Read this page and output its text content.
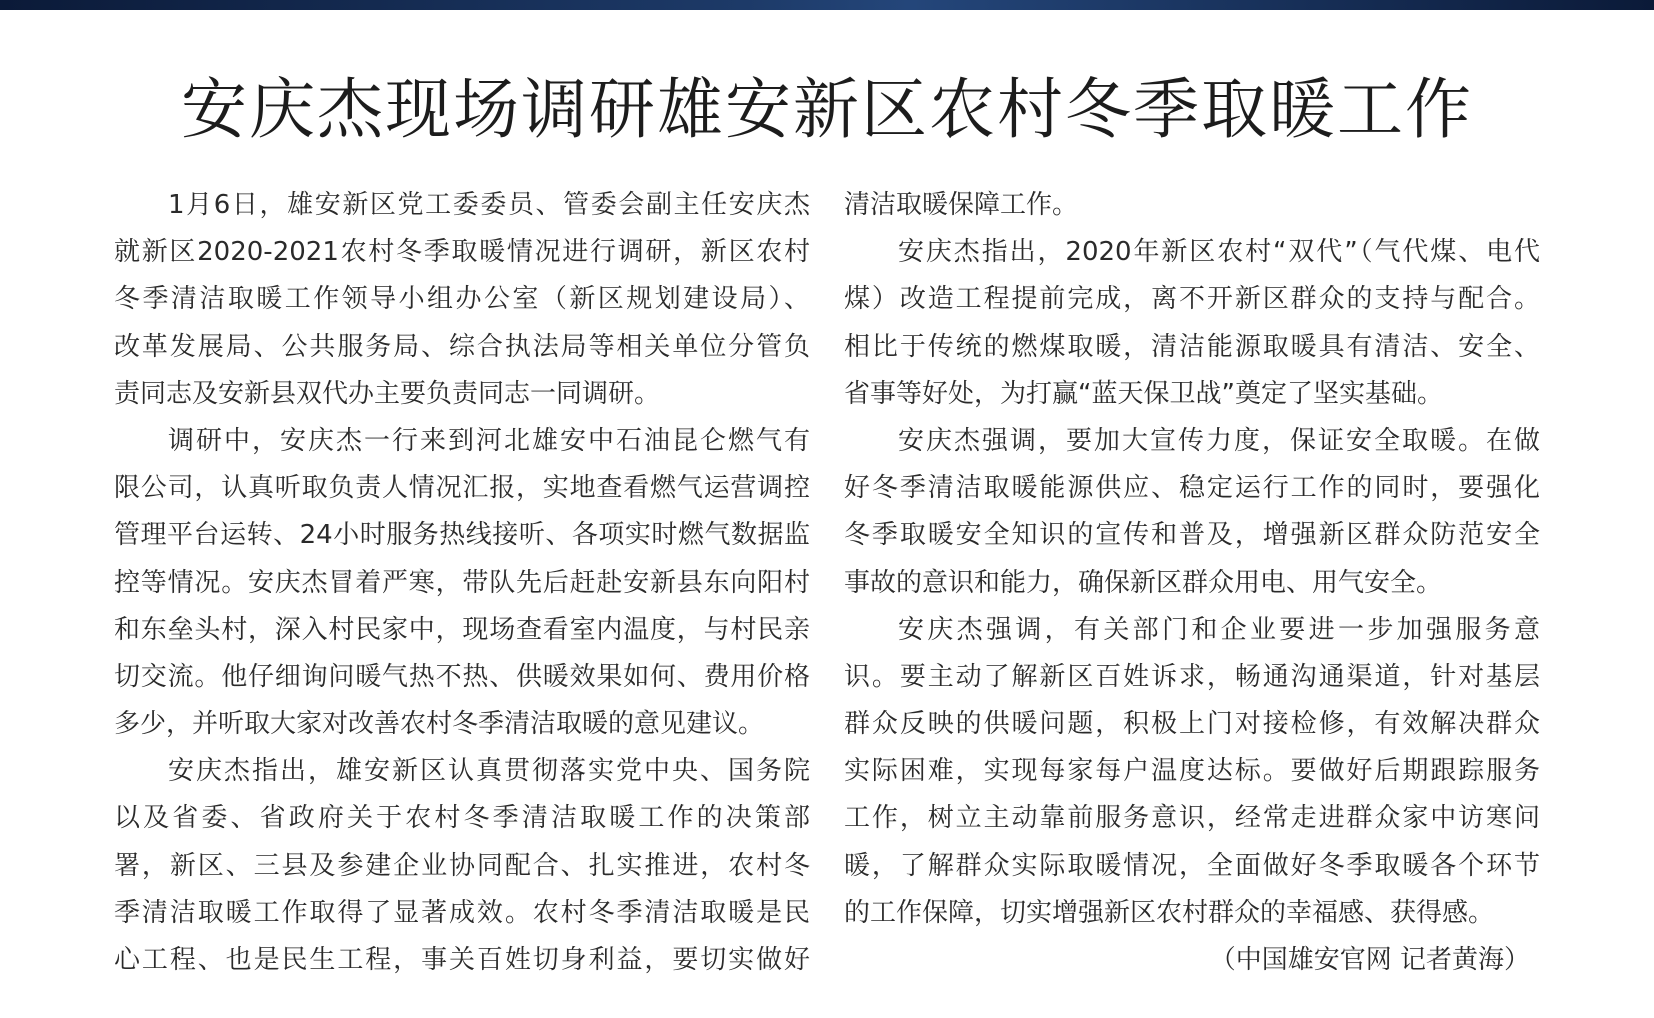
安庆杰现场调研雄安新区农村冬季取暖工作
1月6日，雄安新区党工委委员、管委会副主任安庆杰
就新区2020-2021农村冬季取暖情况进行调研，新区农村
冬季清洁取暖工作领导小组办公室（新区规划建设局）、
改革发展局、公共服务局、综合执法局等相关单位分管负
责同志及安新县双代办主要负责同志一同调研。
调研中，安庆杰一行来到河北雄安中石油昆仑燃气有
限公司，认真听取负责人情况汇报，实地查看燃气运营调控
管理平台运转、24小时服务热线接听、各项实时燃气数据监
控等情况。安庆杰冒着严寒，带队先后赶赴安新县东向阳村
和东垒头村，深入村民家中，现场查看室内温度，与村民亲
切交流。他仔细询问暖气热不热、供暖效果如何、费用价格
多少，并听取大家对改善农村冬季清洁取暖的意见建议。
安庆杰指出，雄安新区认真贯彻落实党中央、国务院
以及省委、省政府关于农村冬季清洁取暖工作的决策部
署，新区、三县及参建企业协同配合、扎实推进，农村冬
季清洁取暖工作取得了显著成效。农村冬季清洁取暖是民
心工程、也是民生工程，事关百姓切身利益，要切实做好
清洁取暖保障工作。
安庆杰指出，2020年新区农村“双代”（气代煤、电代
煤）改造工程提前完成，离不开新区群众的支持与配合。
相比于传统的燃煤取暖，清洁能源取暖具有清洁、安全、
省事等好处，为打赢“蓝天保卫战”奠定了坚实基础。
安庆杰强调，要加大宣传力度，保证安全取暖。在做
好冬季清洁取暖能源供应、稳定运行工作的同时，要强化
冬季取暖安全知识的宣传和普及，增强新区群众防范安全
事故的意识和能力，确保新区群众用电、用气安全。
安庆杰强调，有关部门和企业要进一步加强服务意
识。要主动了解新区百姓诉求，畅通沟通渠道，针对基层
群众反映的供暖问题，积极上门对接检修，有效解决群众
实际困难，实现每家每户温度达标。要做好后期跟踪服务
工作，树立主动靠前服务意识，经常走进群众家中访寒问
暖，了解群众实际取暖情况，全面做好冬季取暖各个环节
的工作保障，切实增强新区农村群众的幸福感、获得感。
（中国雄安官网 记者黄海）
